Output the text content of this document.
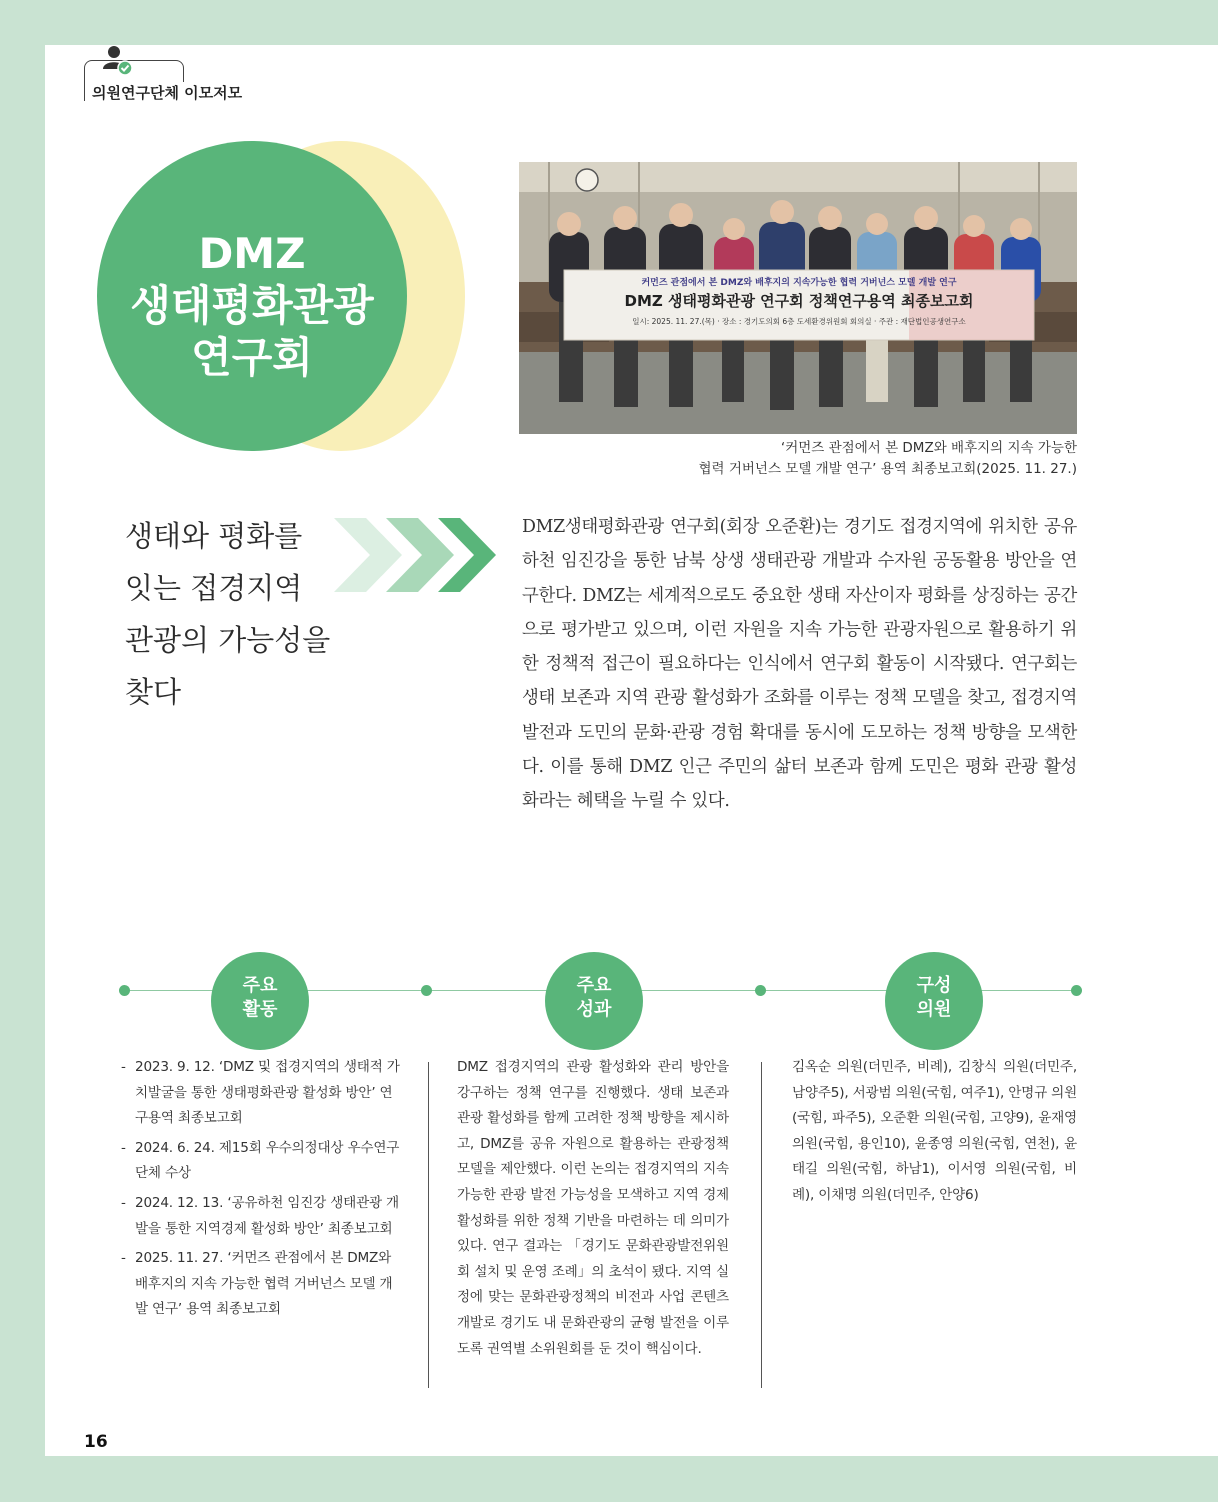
의원연구단체 이모저모
DMZ
생태평화관광
연구회
커먼즈 관점에서 본 DMZ와 배후지의 지속가능한 협력 거버넌스 모델 개발 연구
DMZ 생태평화관광 연구회 정책연구용역 최종보고회
일시: 2025. 11. 27.(목) · 장소 : 경기도의회 6층 도세환경위원회 회의실 · 주관 : 재단법인공생연구소
‘커먼즈 관점에서 본 DMZ와 배후지의 지속 가능한
협력 거버넌스 모델 개발 연구’ 용역 최종보고회(2025. 11. 27.)
생태와 평화를
잇는 접경지역
관광의 가능성을
찾다
DMZ생태평화관광 연구회(회장 오준환)는 경기도 접경지역에 위치한 공유하천 임진강을 통한 남북 상생 생태관광 개발과 수자원 공동활용 방안을 연구한다. DMZ는 세계적으로도 중요한 생태 자산이자 평화를 상징하는 공간으로 평가받고 있으며, 이런 자원을 지속 가능한 관광자원으로 활용하기 위한 정책적 접근이 필요하다는 인식에서 연구회 활동이 시작됐다. 연구회는 생태 보존과 지역 관광 활성화가 조화를 이루는 정책 모델을 찾고, 접경지역 발전과 도민의 문화·관광 경험 확대를 동시에 도모하는 정책 방향을 모색한다. 이를 통해 DMZ 인근 주민의 삶터 보존과 함께 도민은 평화 관광 활성화라는 혜택을 누릴 수 있다.
주요
활동
주요
성과
구성
의원
- 2023. 9. 12. ‘DMZ 및 접경지역의 생태적 가치발굴을 통한 생태평화관광 활성화 방안’ 연구용역 최종보고회
- 2024. 6. 24. 제15회 우수의정대상 우수연구단체 수상
- 2024. 12. 13. ‘공유하천 임진강 생태관광 개발을 통한 지역경제 활성화 방안’ 최종보고회
- 2025. 11. 27. ‘커먼즈 관점에서 본 DMZ와 배후지의 지속 가능한 협력 거버넌스 모델 개발 연구’ 용역 최종보고회

DMZ 접경지역의 관광 활성화와 관리 방안을 강구하는 정책 연구를 진행했다. 생태 보존과 관광 활성화를 함께 고려한 정책 방향을 제시하고, DMZ를 공유 자원으로 활용하는 관광정책 모델을 제안했다. 이런 논의는 접경지역의 지속 가능한 관광 발전 가능성을 모색하고 지역 경제 활성화를 위한 정책 기반을 마련하는 데 의미가 있다. 연구 결과는 「경기도 문화관광발전위원회 설치 및 운영 조례」의 초석이 됐다. 지역 실정에 맞는 문화관광정책의 비전과 사업 콘텐츠 개발로 경기도 내 문화관광의 균형 발전을 이루도록 권역별 소위원회를 둔 것이 핵심이다.

김옥순 의원(더민주, 비례), 김창식 의원(더민주, 남양주5), 서광범 의원(국힘, 여주1), 안명규 의원(국힘, 파주5), 오준환 의원(국힘, 고양9), 윤재영 의원(국힘, 용인10), 윤종영 의원(국힘, 연천), 윤태길 의원(국힘, 하남1), 이서영 의원(국힘, 비례), 이채명 의원(더민주, 안양6)

16
